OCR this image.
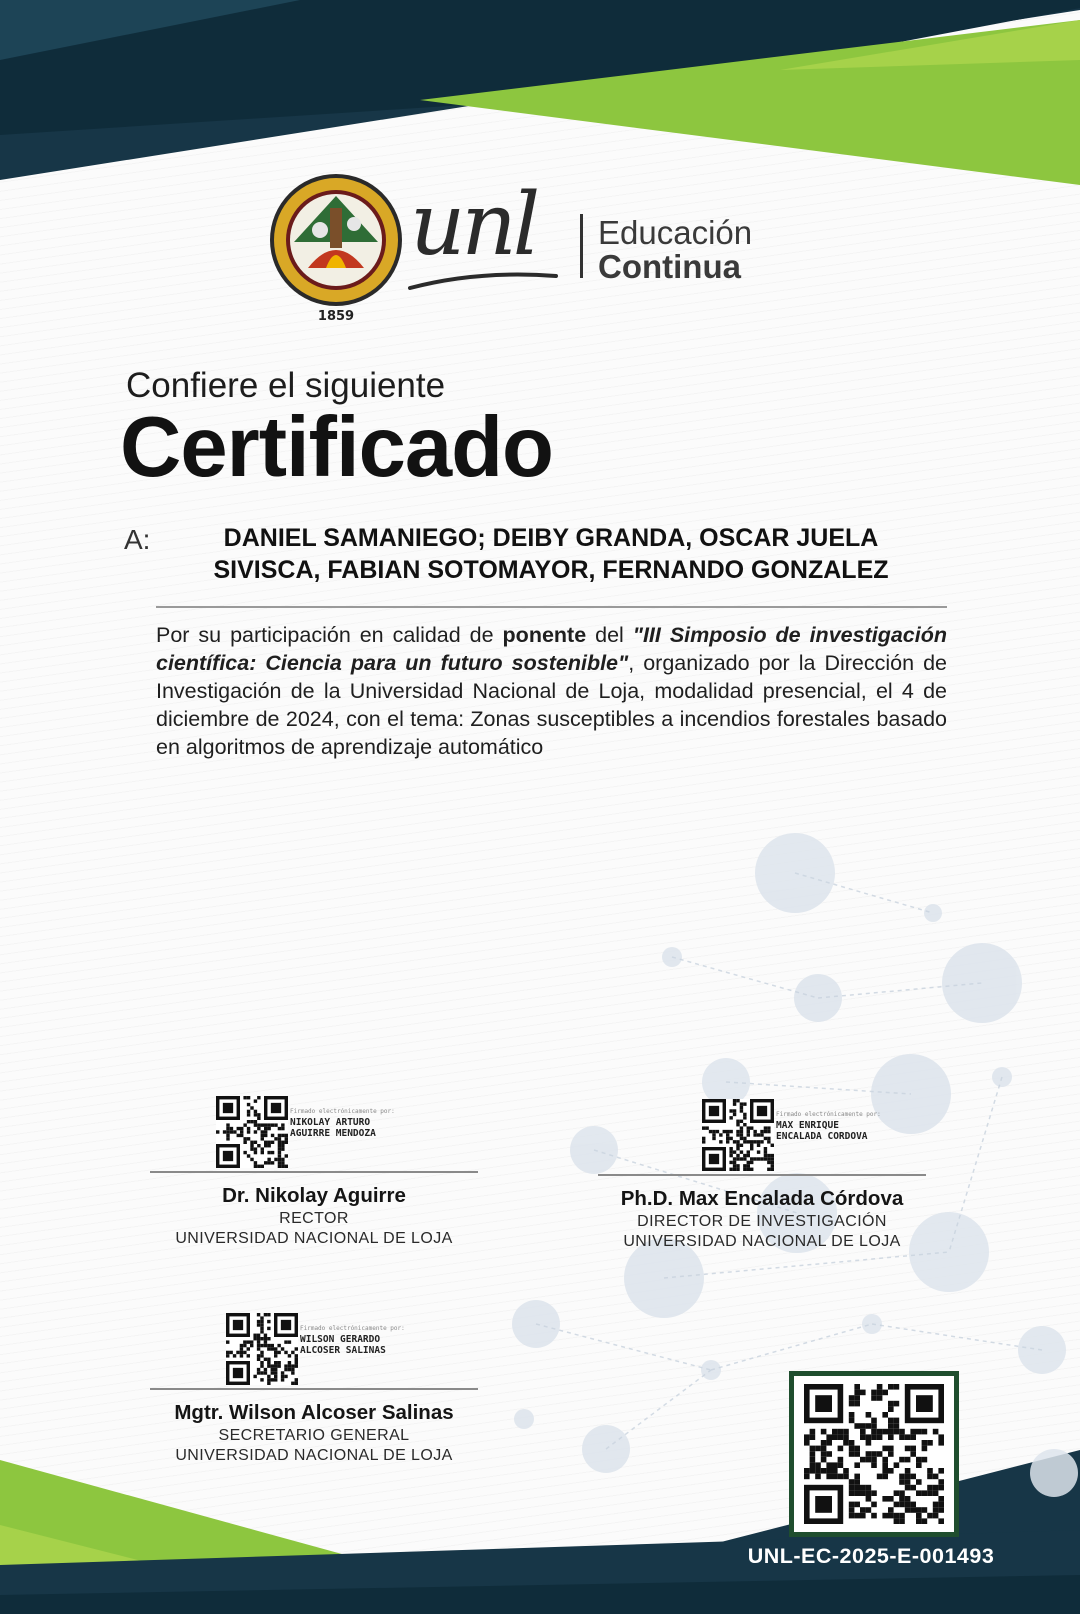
1859
unl Educación
Continua
Confiere el siguiente
Certificado
A:	DANIEL SAMANIEGO; DEIBY GRANDA, OSCAR JUELA SIVISCA, FABIAN SOTOMAYOR, FERNANDO GONZALEZ
Por su participación en calidad de ponente del "III Simposio de investigación científica: Ciencia para un futuro sostenible", organizado por la Dirección de Investigación de la Universidad Nacional de Loja, modalidad presencial, el 4 de diciembre de 2024, con el tema: Zonas susceptibles a incendios forestales basado en algoritmos de aprendizaje automático
Firmado electrónicamente por:
NIKOLAY ARTURO
AGUIRRE MENDOZA
Dr. Nikolay Aguirre
RECTOR
UNIVERSIDAD NACIONAL DE LOJA
Firmado electrónicamente por:
MAX ENRIQUE
ENCALADA CORDOVA
Ph.D. Max Encalada Córdova
DIRECTOR DE INVESTIGACIÓN
UNIVERSIDAD NACIONAL DE LOJA
Firmado electrónicamente por:
WILSON GERARDO
ALCOSER SALINAS
Mgtr. Wilson Alcoser Salinas
SECRETARIO GENERAL
UNIVERSIDAD NACIONAL DE LOJA
UNL-EC-2025-E-001493
